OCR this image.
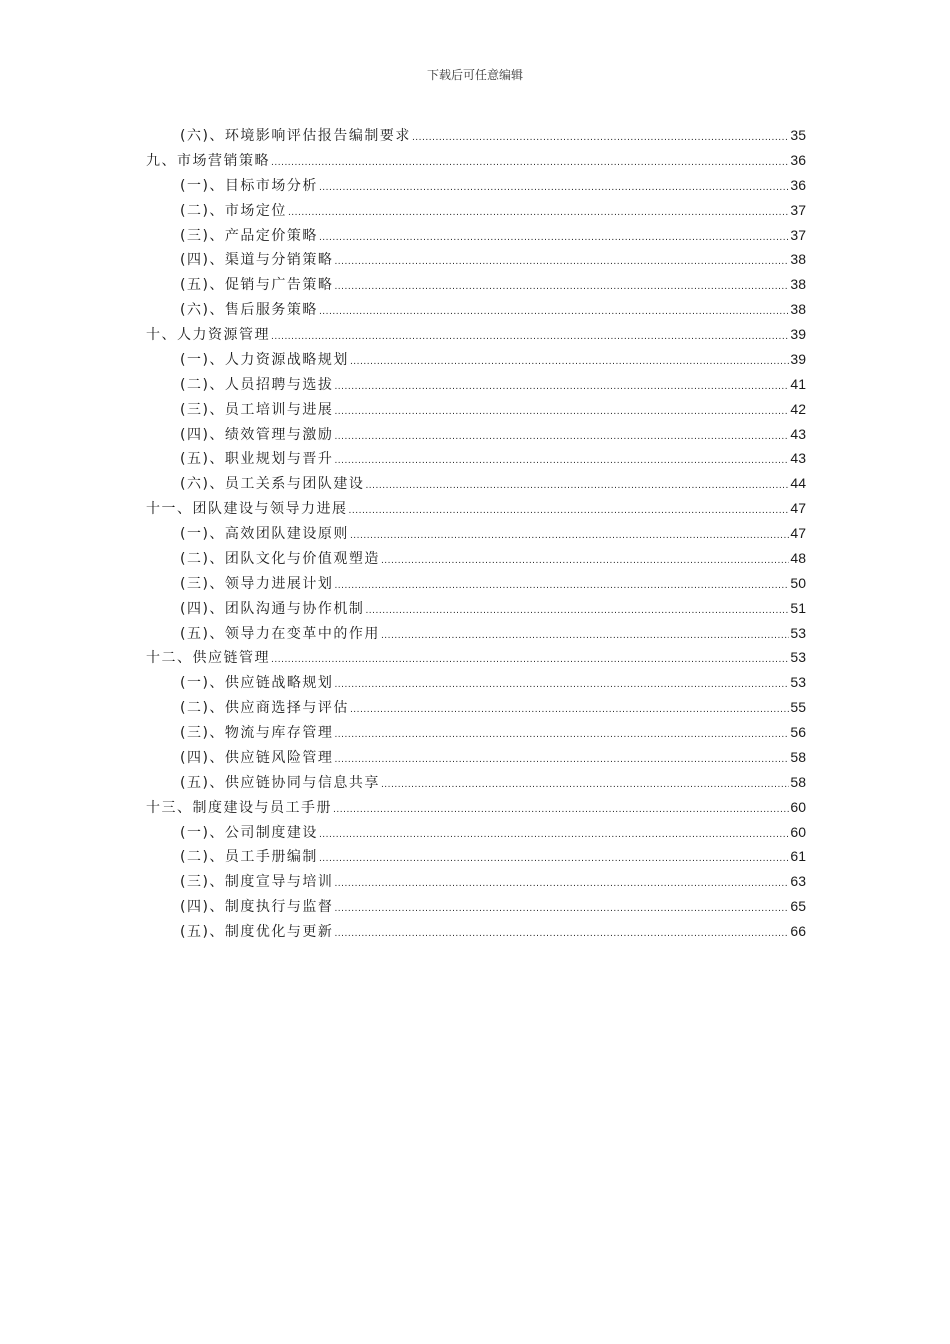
下载后可任意编辑
(六)、环境影响评估报告编制要求 .....	35
九、市场营销策略 .....	36
(一)、目标市场分析 .....	36
(二)、市场定位 .....	37
(三)、产品定价策略 .....	37
(四)、渠道与分销策略 .....	38
(五)、促销与广告策略 .....	38
(六)、售后服务策略 .....	38
十、人力资源管理 .....	39
(一)、人力资源战略规划 .....	39
(二)、人员招聘与选拔 .....	41
(三)、员工培训与进展 .....	42
(四)、绩效管理与激励 .....	43
(五)、职业规划与晋升 .....	43
(六)、员工关系与团队建设 .....	44
十一、团队建设与领导力进展 .....	47
(一)、高效团队建设原则 .....	47
(二)、团队文化与价值观塑造 .....	48
(三)、领导力进展计划 .....	50
(四)、团队沟通与协作机制 .....	51
(五)、领导力在变革中的作用 .....	53
十二、供应链管理 .....	53
(一)、供应链战略规划 .....	53
(二)、供应商选择与评估 .....	55
(三)、物流与库存管理 .....	56
(四)、供应链风险管理 .....	58
(五)、供应链协同与信息共享 .....	58
十三、制度建设与员工手册 .....	60
(一)、公司制度建设 .....	60
(二)、员工手册编制 .....	61
(三)、制度宣导与培训 .....	63
(四)、制度执行与监督 .....	65
(五)、制度优化与更新 .....	66
